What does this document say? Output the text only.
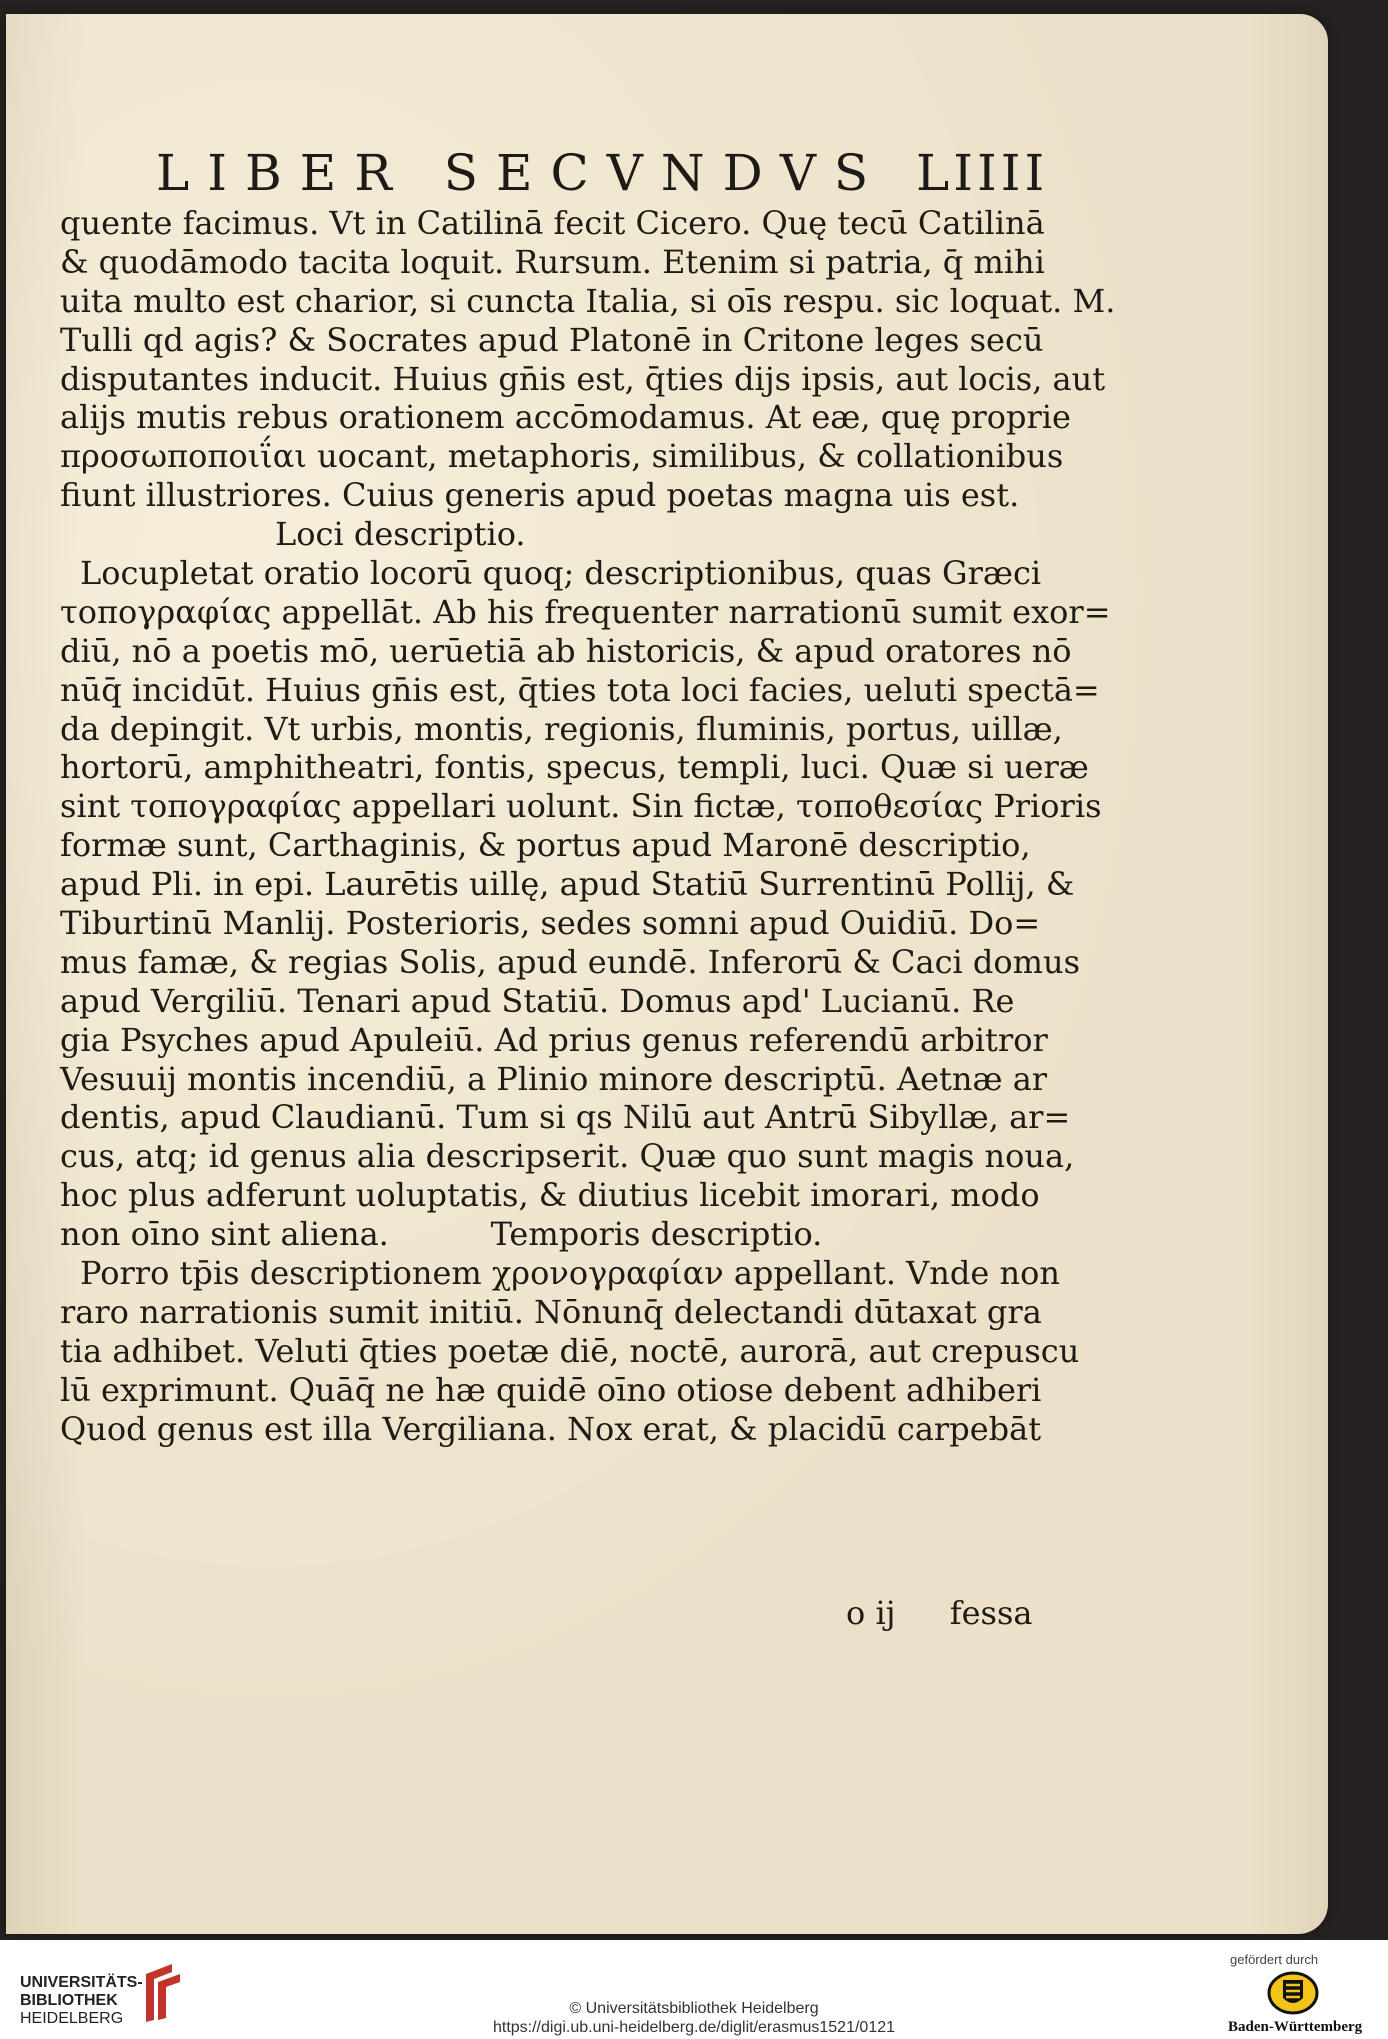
LIBER SECVNDVS LIIII
quente facimus. Vt in Catilinā fecit Cicero. Quę tecū Catilinā
& quodāmodo tacita loquit. Rursum. Etenim si patria, q̄ mihi
uita multo est charior, si cuncta Italia, si oīs respu. sic loquat. M.
Tulli qd agis? & Socrates apud Platonē in Critone leges secū
disputantes inducit. Huius gn̄is est, q̄ties dijs ipsis, aut locis, aut
alijs mutis rebus orationem accōmodamus. At eæ, quę proprie
προσωποποιΐαι uocant, metaphoris, similibus, & collationibus
fiunt illustriores. Cuius generis apud poetas magna uis est.
Loci descriptio.
Locupletat oratio locorū quoq; descriptionibus, quas Græci
τοπογραφίας appellāt. Ab his frequenter narrationū sumit exor=
diū, nō a poetis mō, uerūetiā ab historicis, & apud oratores nō
nūq̄ incidūt. Huius gn̄is est, q̄ties tota loci facies, ueluti spectā=
da depingit. Vt urbis, montis, regionis, fluminis, portus, uillæ,
hortorū, amphitheatri, fontis, specus, templi, luci. Quæ si ueræ
sint τοπογραφίας appellari uolunt. Sin fictæ, τοποθεσίας Prioris
formæ sunt, Carthaginis, & portus apud Maronē descriptio,
apud Pli. in epi. Laurētis uillę, apud Statiū Surrentinū Pollij, &
Tiburtinū Manlij. Posterioris, sedes somni apud Ouidiū. Do=
mus famæ, & regias Solis, apud eundē. Inferorū & Caci domus
apud Vergiliū. Tenari apud Statiū. Domus apd' Lucianū. Re
gia Psyches apud Apuleiū. Ad prius genus referendū arbitror
Vesuuij montis incendiū, a Plinio minore descriptū. Aetnæ ar
dentis, apud Claudianū. Tum si qs Nilū aut Antrū Sibyllæ, ar=
cus, atq; id genus alia descripserit. Quæ quo sunt magis noua,
hoc plus adferunt uoluptatis, & diutius licebit imorari, modo
non oīno sint aliena.          Temporis descriptio.
Porro tp̄is descriptionem χρονογραφίαν appellant. Vnde non
raro narrationis sumit initiū. Nōnunq̄ delectandi dūtaxat gra
tia adhibet. Veluti q̄ties poetæ diē, noctē, aurorā, aut crepuscu
lū exprimunt. Quāq̄ ne hæ quidē oīno otiose debent adhiberi
Quod genus est illa Vergiliana. Nox erat, & placidū carpebāt
o ij fessa
UNIVERSITÄTS-
BIBLIOTHEK
HEIDELBERG
© Universitätsbibliothek Heidelberg
https://digi.ub.uni-heidelberg.de/diglit/erasmus1521/0121
gefördert durch
Baden-Württemberg
